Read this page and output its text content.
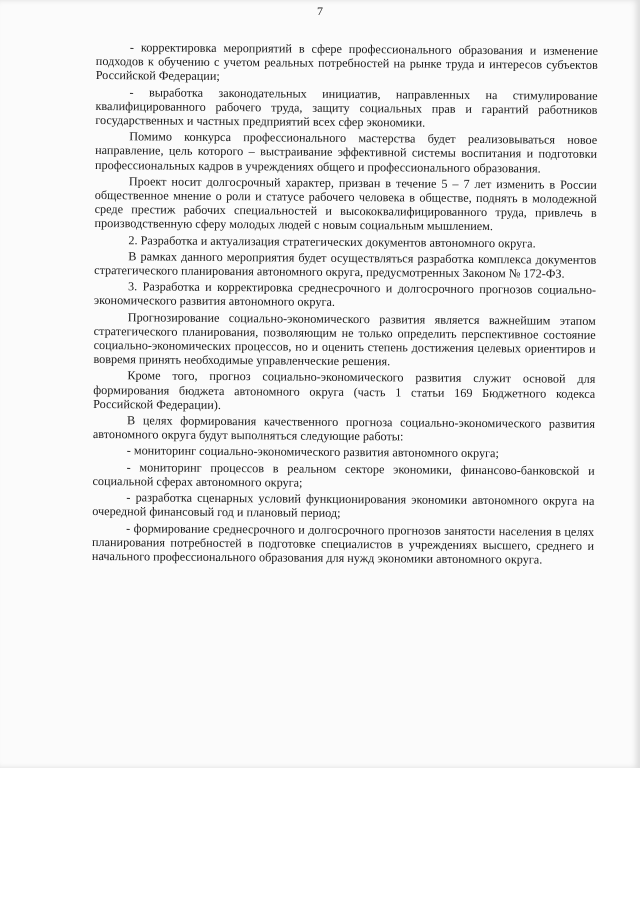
7

- корректировка мероприятий в сфере профессионального образования и изменение подходов к обучению с учетом реальных потребностей на рынке труда и интересов субъектов Российской Федерации;

- выработка законодательных инициатив, направленных на стимулирование квалифицированного рабочего труда, защиту социальных прав и гарантий работников государственных и частных предприятий всех сфер экономики.

Помимо конкурса профессионального мастерства будет реализовываться новое направление, цель которого – выстраивание эффективной системы воспитания и подготовки профессиональных кадров в учреждениях общего и профессионального образования.

Проект носит долгосрочный характер, призван в течение 5 – 7 лет изменить в России общественное мнение о роли и статусе рабочего человека в обществе, поднять в молодежной среде престиж рабочих специальностей и высококвалифицированного труда, привлечь в производственную сферу молодых людей с новым социальным мышлением.

2. Разработка и актуализация стратегических документов автономного округа.

В рамках данного мероприятия будет осуществляться разработка комплекса документов стратегического планирования автономного округа, предусмотренных Законом № 172-ФЗ.

3. Разработка и корректировка среднесрочного и долгосрочного прогнозов социально-экономического развития автономного округа.

Прогнозирование социально-экономического развития является важнейшим этапом стратегического планирования, позволяющим не только определить перспективное состояние социально-экономических процессов, но и оценить степень достижения целевых ориентиров и вовремя принять необходимые управленческие решения.

Кроме того, прогноз социально-экономического развития служит основой для формирования бюджета автономного округа (часть 1 статьи 169 Бюджетного кодекса Российской Федерации).

В целях формирования качественного прогноза социально-экономического развития автономного округа будут выполняться следующие работы:

- мониторинг социально-экономического развития автономного округа;

- мониторинг процессов в реальном секторе экономики, финансово-банковской и социальной сферах автономного округа;

- разработка сценарных условий функционирования экономики автономного округа на очередной финансовый год и плановый период;

- формирование среднесрочного и долгосрочного прогнозов занятости населения в целях планирования потребностей в подготовке специалистов в учреждениях высшего, среднего и начального профессионального образования для нужд экономики автономного округа.
